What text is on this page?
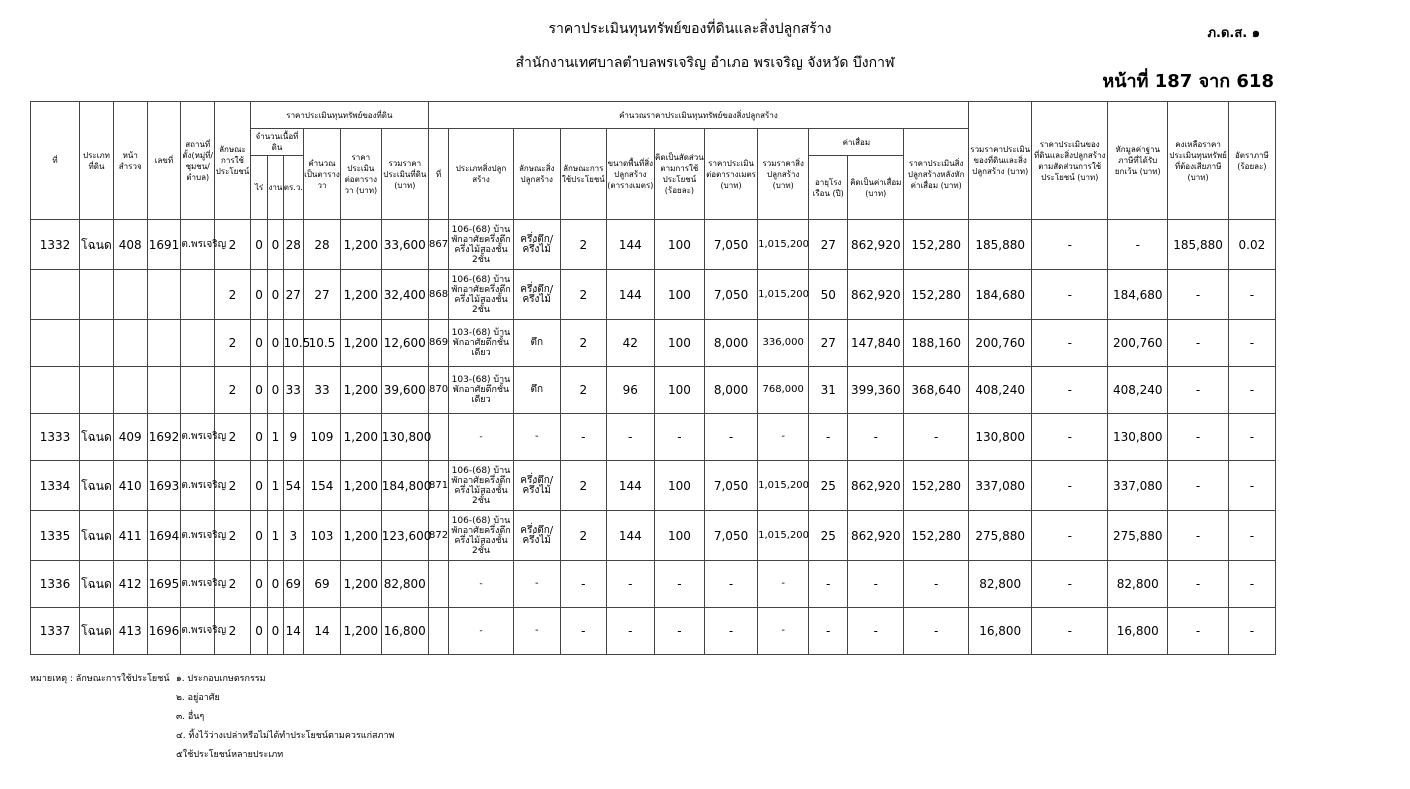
ราคาประเมินทุนทรัพย์ของที่ดินและสิ่งปลูกสร้าง
สำนักงานเทศบาลตำบลพรเจริญ อำเภอ พรเจริญ จังหวัด บึงกาฬ
ภ.ด.ส. ๑
หน้าที่ 187 จาก 618
ที่	ประเภทที่ดิน	หน้าสำรวจ	เลขที่	สถานที่ตั้ง(หมู่ที่/ชุมชน/ตำบล)	ลักษณะการใช้ประโยชน์	ราคาประเมินทุนทรัพย์ของที่ดิน						คำนวณราคาประเมินทุนทรัพย์ของสิ่งปลูกสร้าง											รวมราคาประเมินของที่ดินและสิ่งปลูกสร้าง (บาท)	ราคาประเมินของที่ดินและสิ่งปลูกสร้างตามสัดส่วนการใช้ประโยชน์ (บาท)	หักมูลค่าฐานภาษีที่ได้รับยกเว้น (บาท)	คงเหลือราคาประเมินทุนทรัพย์ที่ต้องเสียภาษี (บาท)	อัตราภาษี (ร้อยละ)
						จำนวนเนื้อที่ดิน			คำนวณเป็นตารางวา	ราคาประเมินต่อตารางวา (บาท)	รวมราคาประเมินที่ดิน (บาท)	ที่	ประเภทสิ่งปลูกสร้าง	ลักษณะสิ่งปลูกสร้าง	ลักษณะการใช้ประโยชน์	ขนาดพื้นที่สิ่งปลูกสร้าง (ตารางเมตร)	คิดเป็นสัดส่วนตามการใช้ประโยชน์ (ร้อยละ)	ราคาประเมินต่อตารางเมตร (บาท)	รวมราคาสิ่งปลูกสร้าง (บาท)	ค่าเสื่อม		ราคาประเมินสิ่งปลูกสร้างหลังหักค่าเสื่อม (บาท)					
						ไร่	งาน	ตร.ว.												อายุโรงเรือน (ปี)	คิดเป็นค่าเสื่อม (บาท)						
1332	โฉนด	408	1691	ต.พรเจริญ	2	0	0	28	28	1,200	33,600	867	106-(68) บ้านพักอาศัยครึ่งตึกครึ่งไม้สองชั้น 2ชั้น	ครึ่งตึก/ครึ่งไม้	2	144	100	7,050	1,015,200	27	862,920	152,280	185,880	-	-	185,880	0.02
					2	0	0	27	27	1,200	32,400	868	106-(68) บ้านพักอาศัยครึ่งตึกครึ่งไม้สองชั้น 2ชั้น	ครึ่งตึก/ครึ่งไม้	2	144	100	7,050	1,015,200	50	862,920	152,280	184,680	-	184,680	-	-
					2	0	0	10.5	10.5	1,200	12,600	869	103-(68) บ้านพักอาศัยตึกชั้นเดียว	ตึก	2	42	100	8,000	336,000	27	147,840	188,160	200,760	-	200,760	-	-
					2	0	0	33	33	1,200	39,600	870	103-(68) บ้านพักอาศัยตึกชั้นเดียว	ตึก	2	96	100	8,000	768,000	31	399,360	368,640	408,240	-	408,240	-	-
1333	โฉนด	409	1692	ต.พรเจริญ	2	0	1	9	109	1,200	130,800		-	-	-	-	-	-	-	-	-	-	130,800	-	130,800	-	-
1334	โฉนด	410	1693	ต.พรเจริญ	2	0	1	54	154	1,200	184,800	871	106-(68) บ้านพักอาศัยครึ่งตึกครึ่งไม้สองชั้น 2ชั้น	ครึ่งตึก/ครึ่งไม้	2	144	100	7,050	1,015,200	25	862,920	152,280	337,080	-	337,080	-	-
1335	โฉนด	411	1694	ต.พรเจริญ	2	0	1	3	103	1,200	123,600	872	106-(68) บ้านพักอาศัยครึ่งตึกครึ่งไม้สองชั้น 2ชั้น	ครึ่งตึก/ครึ่งไม้	2	144	100	7,050	1,015,200	25	862,920	152,280	275,880	-	275,880	-	-
1336	โฉนด	412	1695	ต.พรเจริญ	2	0	0	69	69	1,200	82,800		-	-	-	-	-	-	-	-	-	-	82,800	-	82,800	-	-
1337	โฉนด	413	1696	ต.พรเจริญ	2	0	0	14	14	1,200	16,800		-	-	-	-	-	-	-	-	-	-	16,800	-	16,800	-	-
หมายเหตุ : ลักษณะการใช้ประโยชน์ ๑. ประกอบเกษตรกรรม
๒. อยู่อาศัย
๓. อื่นๆ
๔. ทิ้งไว้ว่างเปล่าหรือไม่ได้ทำประโยชน์ตามควรแก่สภาพ
๕ใช้ประโยชน์หลายประเภท
